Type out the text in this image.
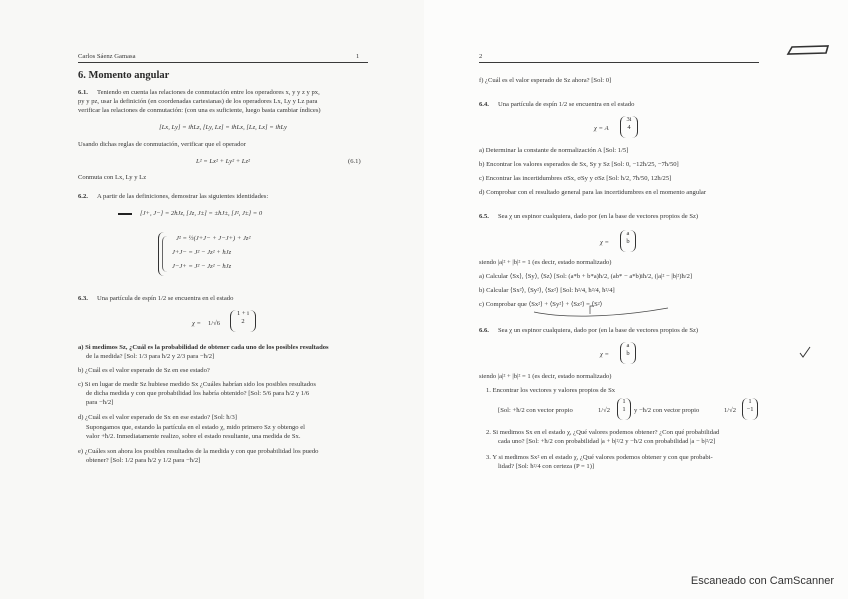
Carlos Sáenz Gamasa	1
6. Momento angular
6.1. Teniendo en cuenta las relaciones de conmutación entre los operadores x, y y z y px,
py y pz, usar la definición (en coordenadas cartesianas) de los operadores Lx, Ly y Lz para
verificar las relaciones de conmutación: (con una es suficiente, luego basta cambiar índices)
[Lx, Ly] = iħLz, [Ly, Lz] = iħLx, [Lz, Lx] = iħLy
Usando dichas reglas de conmutación, verificar que el operador
L² = Lx² + Ly² + Lz²	(6.1)
Conmuta con Lx, Ly y Lz
6.2. A partir de las definiciones, demostrar las siguientes identidades:
[J+, J−] = 2ħJz, [Jz, J±] = ±ħJ±, [J², J±] = 0
J² = ½(J+J− + J−J+) + Jz²
J+J− = J² − Jz² + ħJz
J−J+ = J² − Jz² − ħJz
6.3. Una partícula de espín 1/2 se encuentra en el estado
χ = 1/√6
1 + i
2
a) Si medimos Sz, ¿Cuál es la probabilidad de obtener cada uno de los posibles resultados
de la medida? [Sol: 1/3 para ħ/2 y 2/3 para −ħ/2]
b) ¿Cuál es el valor esperado de Sz en ese estado?
c) Si en lugar de medir Sz hubiese medido Sx ¿Cuáles habrían sido los posibles resultados
de dicha medida y con que probabilidad los habría obtenido? [Sol: 5/6 para ħ/2 y 1/6
para −ħ/2]
d) ¿Cuál es el valor esperado de Sx en ese estado? [Sol: ħ/3]
Supongamos que, estando la partícula en el estado χ, mido primero Sz y obtengo el
valor +ħ/2. Inmediatamente realizo, sobre el estado resultante, una medida de Sx.
e) ¿Cuáles son ahora los posibles resultados de la medida y con que probabilidad los puedo
obtener? [Sol: 1/2 para ħ/2 y 1/2 para −ħ/2]
2
f) ¿Cuál es el valor esperado de Sz ahora? [Sol: 0]
6.4. Una partícula de espín 1/2 se encuentra en el estado
χ = A
3i
4
a) Determinar la constante de normalización A [Sol: 1/5]
b) Encontrar los valores esperados de Sx, Sy y Sz [Sol: 0, −12ħ/25, −7ħ/50]
c) Encontrar las incertidumbres σSx, σSy y σSz [Sol: ħ/2, 7ħ/50, 12ħ/25]
d) Comprobar con el resultado general para las incertidumbres en el momento angular
6.5. Sea χ un espinor cualquiera, dado por (en la base de vectores propios de Sz)
χ =
a
b
siendo |a|² + |b|² = 1 (es decir, estado normalizado)
a) Calcular ⟨Sx⟩, ⟨Sy⟩, ⟨Sz⟩ [Sol: (a*b + b*a)ħ/2, (ab* − a*b)iħ/2, (|a|² − |b|²)ħ/2]
b) Calcular ⟨Sx²⟩, ⟨Sy²⟩, ⟨Sz²⟩ [Sol: ħ²/4, ħ²/4, ħ²/4]
c) Comprobar que ⟨Sx²⟩ + ⟨Sy²⟩ + ⟨Sz²⟩ = ⟨S²⟩
6.6. Sea χ un espinor cualquiera, dado por (en la base de vectores propios de Sz)
χ =
a
b
siendo |a|² + |b|² = 1 (es decir, estado normalizado)
1. Encontrar los vectores y valores propios de Sx
[Sol: +ħ/2 con vector propio	1/√2
1
1	y −ħ/2 con vector propio	1/√2
1
−1
2. Si medimos Sx en el estado χ, ¿Qué valores podemos obtener? ¿Con qué probabilidad
cada uno? [Sol: +ħ/2 con probabilidad |a + b|²/2 y −ħ/2 con probabilidad |a − b|²/2]
3. Y si medimos Sx² en el estado χ, ¿Qué valores podemos obtener y con que probabi-
lidad? [Sol: ħ²/4 con certeza (P = 1)]
Escaneado con CamScanner
